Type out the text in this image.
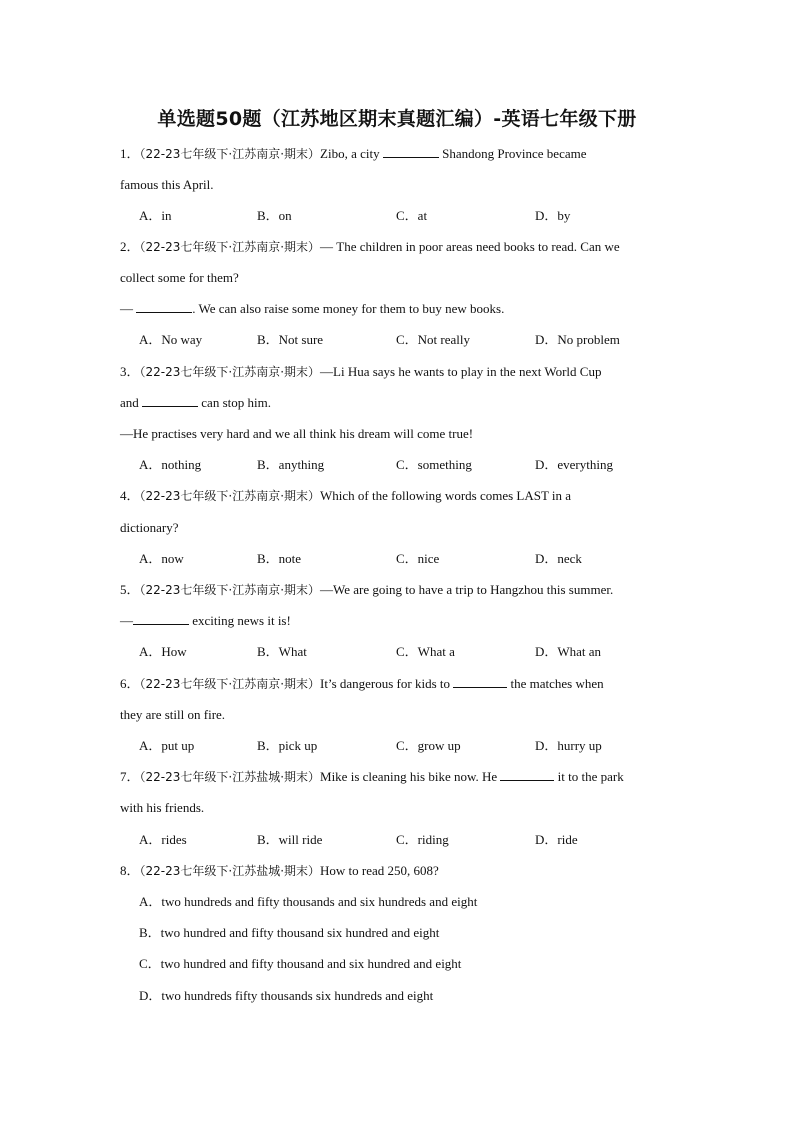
单选题50题（江苏地区期末真题汇编）-英语七年级下册
1．（22-23七年级下·江苏南京·期末）Zibo, a city	Shandong Province became
famous this April.
A．in	B．on	C．at	D．by
2．（22-23七年级下·江苏南京·期末）— The children in poor areas need books to read. Can we
collect some for them?
—	. We can also raise some money for them to buy new books.
A．No way	B．Not sure	C．Not really	D．No problem
3．（22-23七年级下·江苏南京·期末）—Li Hua says he wants to play in the next World Cup
and	can stop him.
—He practises very hard and we all think his dream will come true!
A．nothing	B．anything	C．something	D．everything
4．（22-23七年级下·江苏南京·期末）Which of the following words comes LAST in a
dictionary?
A．now	B．note	C．nice	D．neck
5．（22-23七年级下·江苏南京·期末）—We are going to have a trip to Hangzhou this summer.
—	exciting news it is!
A．How	B．What	C．What a	D．What an
6．（22-23七年级下·江苏南京·期末）It’s dangerous for kids to	the matches when
they are still on fire.
A．put up	B．pick up	C．grow up	D．hurry up
7．（22-23七年级下·江苏盐城·期末）Mike is cleaning his bike now. He	it to the park
with his friends.
A．rides	B．will ride	C．riding	D．ride
8．（22-23七年级下·江苏盐城·期末）How to read 250, 608?
A．two hundreds and fifty thousands and six hundreds and eight
B．two hundred and fifty thousand six hundred and eight
C．two hundred and fifty thousand and six hundred and eight
D．two hundreds fifty thousands six hundreds and eight
